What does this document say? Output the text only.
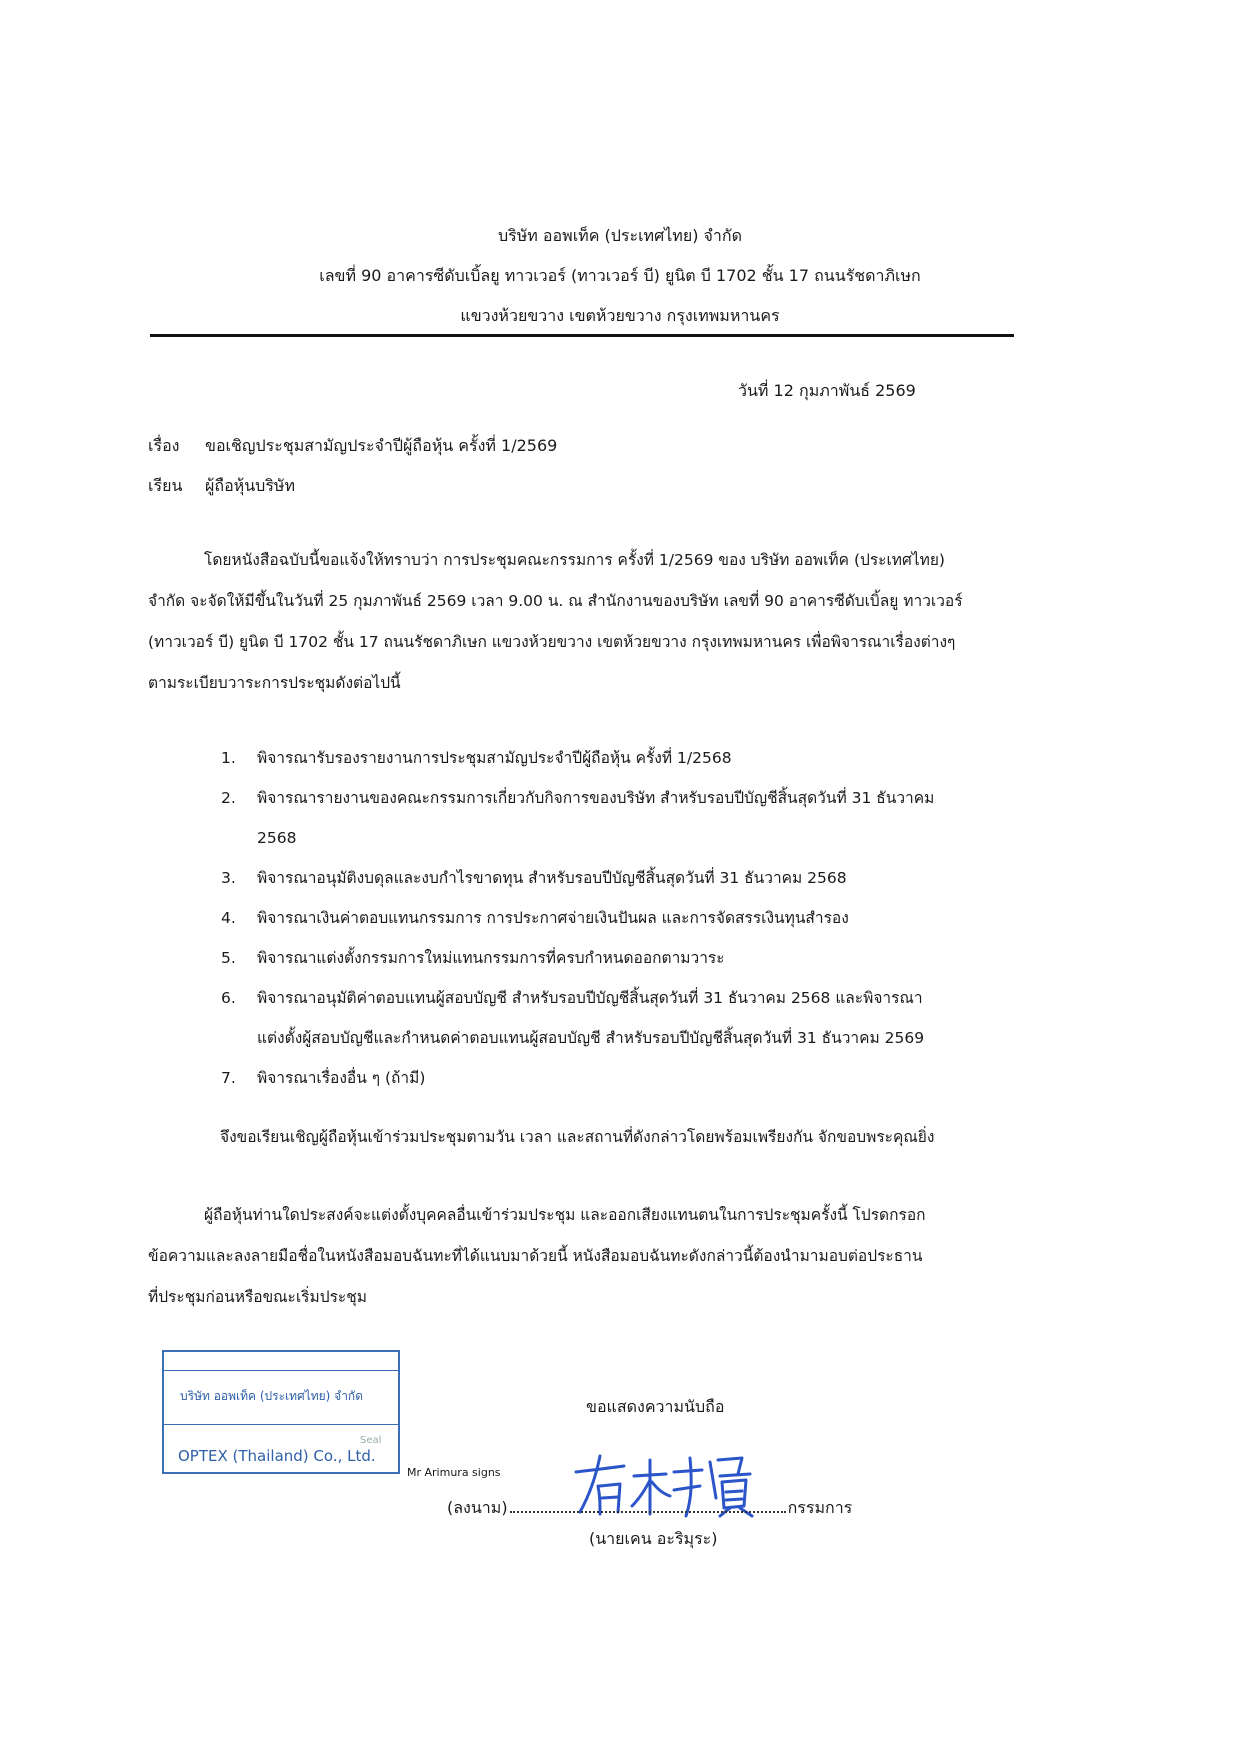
บริษัท ออพเท็ค (ประเทศไทย) จำกัด
เลขที่ 90 อาคารซีดับเบิ้ลยู ทาวเวอร์ (ทาวเวอร์ บี) ยูนิต บี 1702 ชั้น 17 ถนนรัชดาภิเษก
แขวงห้วยขวาง เขตห้วยขวาง กรุงเทพมหานคร
วันที่ 12 กุมภาพันธ์ 2569
เรื่อง ขอเชิญประชุมสามัญประจำปีผู้ถือหุ้น ครั้งที่ 1/2569
เรียน ผู้ถือหุ้นบริษัท
โดยหนังสือฉบับนี้ขอแจ้งให้ทราบว่า การประชุมคณะกรรมการ ครั้งที่ 1/2569 ของ บริษัท ออพเท็ค (ประเทศไทย)
จำกัด จะจัดให้มีขึ้นในวันที่ 25 กุมภาพันธ์ 2569 เวลา 9.00 น. ณ สำนักงานของบริษัท เลขที่ 90 อาคารซีดับเบิ้ลยู ทาวเวอร์
(ทาวเวอร์ บี) ยูนิต บี 1702 ชั้น 17 ถนนรัชดาภิเษก แขวงห้วยขวาง เขตห้วยขวาง กรุงเทพมหานคร เพื่อพิจารณาเรื่องต่างๆ
ตามระเบียบวาระการประชุมดังต่อไปนี้
1. พิจารณารับรองรายงานการประชุมสามัญประจำปีผู้ถือหุ้น ครั้งที่ 1/2568
2. พิจารณารายงานของคณะกรรมการเกี่ยวกับกิจการของบริษัท สำหรับรอบปีบัญชีสิ้นสุดวันที่ 31 ธันวาคม
2568
3. พิจารณาอนุมัติงบดุลและงบกำไรขาดทุน สำหรับรอบปีบัญชีสิ้นสุดวันที่ 31 ธันวาคม 2568
4. พิจารณาเงินค่าตอบแทนกรรมการ การประกาศจ่ายเงินปันผล และการจัดสรรเงินทุนสำรอง
5. พิจารณาแต่งตั้งกรรมการใหม่แทนกรรมการที่ครบกำหนดออกตามวาระ
6. พิจารณาอนุมัติค่าตอบแทนผู้สอบบัญชี สำหรับรอบปีบัญชีสิ้นสุดวันที่ 31 ธันวาคม 2568 และพิจารณา
แต่งตั้งผู้สอบบัญชีและกำหนดค่าตอบแทนผู้สอบบัญชี สำหรับรอบปีบัญชีสิ้นสุดวันที่ 31 ธันวาคม 2569
7. พิจารณาเรื่องอื่น ๆ (ถ้ามี)
จึงขอเรียนเชิญผู้ถือหุ้นเข้าร่วมประชุมตามวัน เวลา และสถานที่ดังกล่าวโดยพร้อมเพรียงกัน จักขอบพระคุณยิ่ง
ผู้ถือหุ้นท่านใดประสงค์จะแต่งตั้งบุคคลอื่นเข้าร่วมประชุม และออกเสียงแทนตนในการประชุมครั้งนี้ โปรดกรอก
ข้อความและลงลายมือชื่อในหนังสือมอบฉันทะที่ได้แนบมาด้วยนี้ หนังสือมอบฉันทะดังกล่าวนี้ต้องนำมามอบต่อประธาน
ที่ประชุมก่อนหรือขณะเริ่มประชุม
บริษัท ออพเท็ค (ประเทศไทย) จำกัด
OPTEX (Thailand) Co., Ltd.
Seal
ขอแสดงความนับถือ
Mr Arimura signs
(ลงนาม)	กรรมการ
(นายเคน อะริมุระ)
